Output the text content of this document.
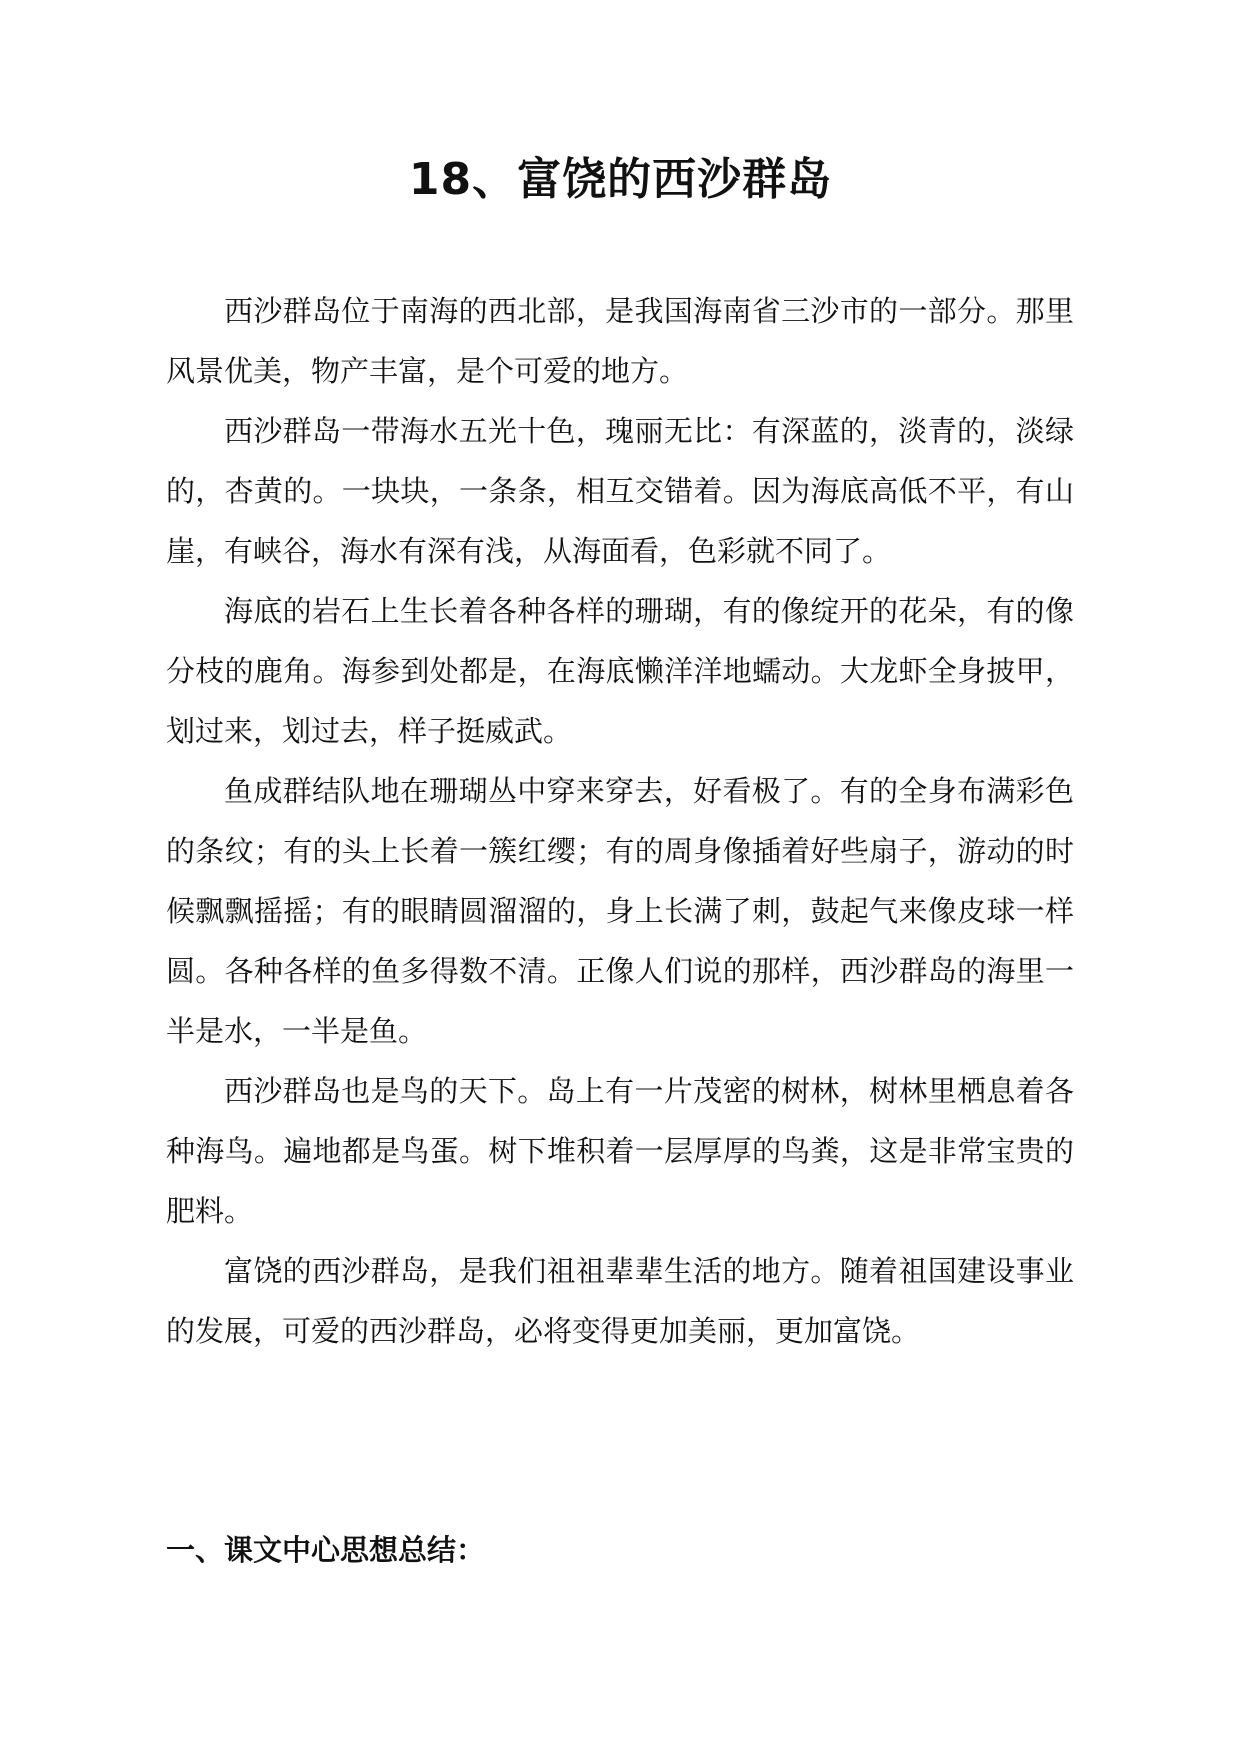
18、富饶的西沙群岛

西沙群岛位于南海的西北部，是我国海南省三沙市的一部分。那里风景优美，物产丰富，是个可爱的地方。

西沙群岛一带海水五光十色，瑰丽无比：有深蓝的，淡青的，淡绿的，杏黄的。一块块，一条条，相互交错着。因为海底高低不平，有山崖，有峡谷，海水有深有浅，从海面看，色彩就不同了。

海底的岩石上生长着各种各样的珊瑚，有的像绽开的花朵，有的像分枝的鹿角。海参到处都是，在海底懒洋洋地蠕动。大龙虾全身披甲，划过来，划过去，样子挺威武。

鱼成群结队地在珊瑚丛中穿来穿去，好看极了。有的全身布满彩色的条纹；有的头上长着一簇红缨；有的周身像插着好些扇子，游动的时候飘飘摇摇；有的眼睛圆溜溜的，身上长满了刺，鼓起气来像皮球一样圆。各种各样的鱼多得数不清。正像人们说的那样，西沙群岛的海里一半是水，一半是鱼。

西沙群岛也是鸟的天下。岛上有一片茂密的树林，树林里栖息着各种海鸟。遍地都是鸟蛋。树下堆积着一层厚厚的鸟粪，这是非常宝贵的肥料。

富饶的西沙群岛，是我们祖祖辈辈生活的地方。随着祖国建设事业的发展，可爱的西沙群岛，必将变得更加美丽，更加富饶。

一、课文中心思想总结：
